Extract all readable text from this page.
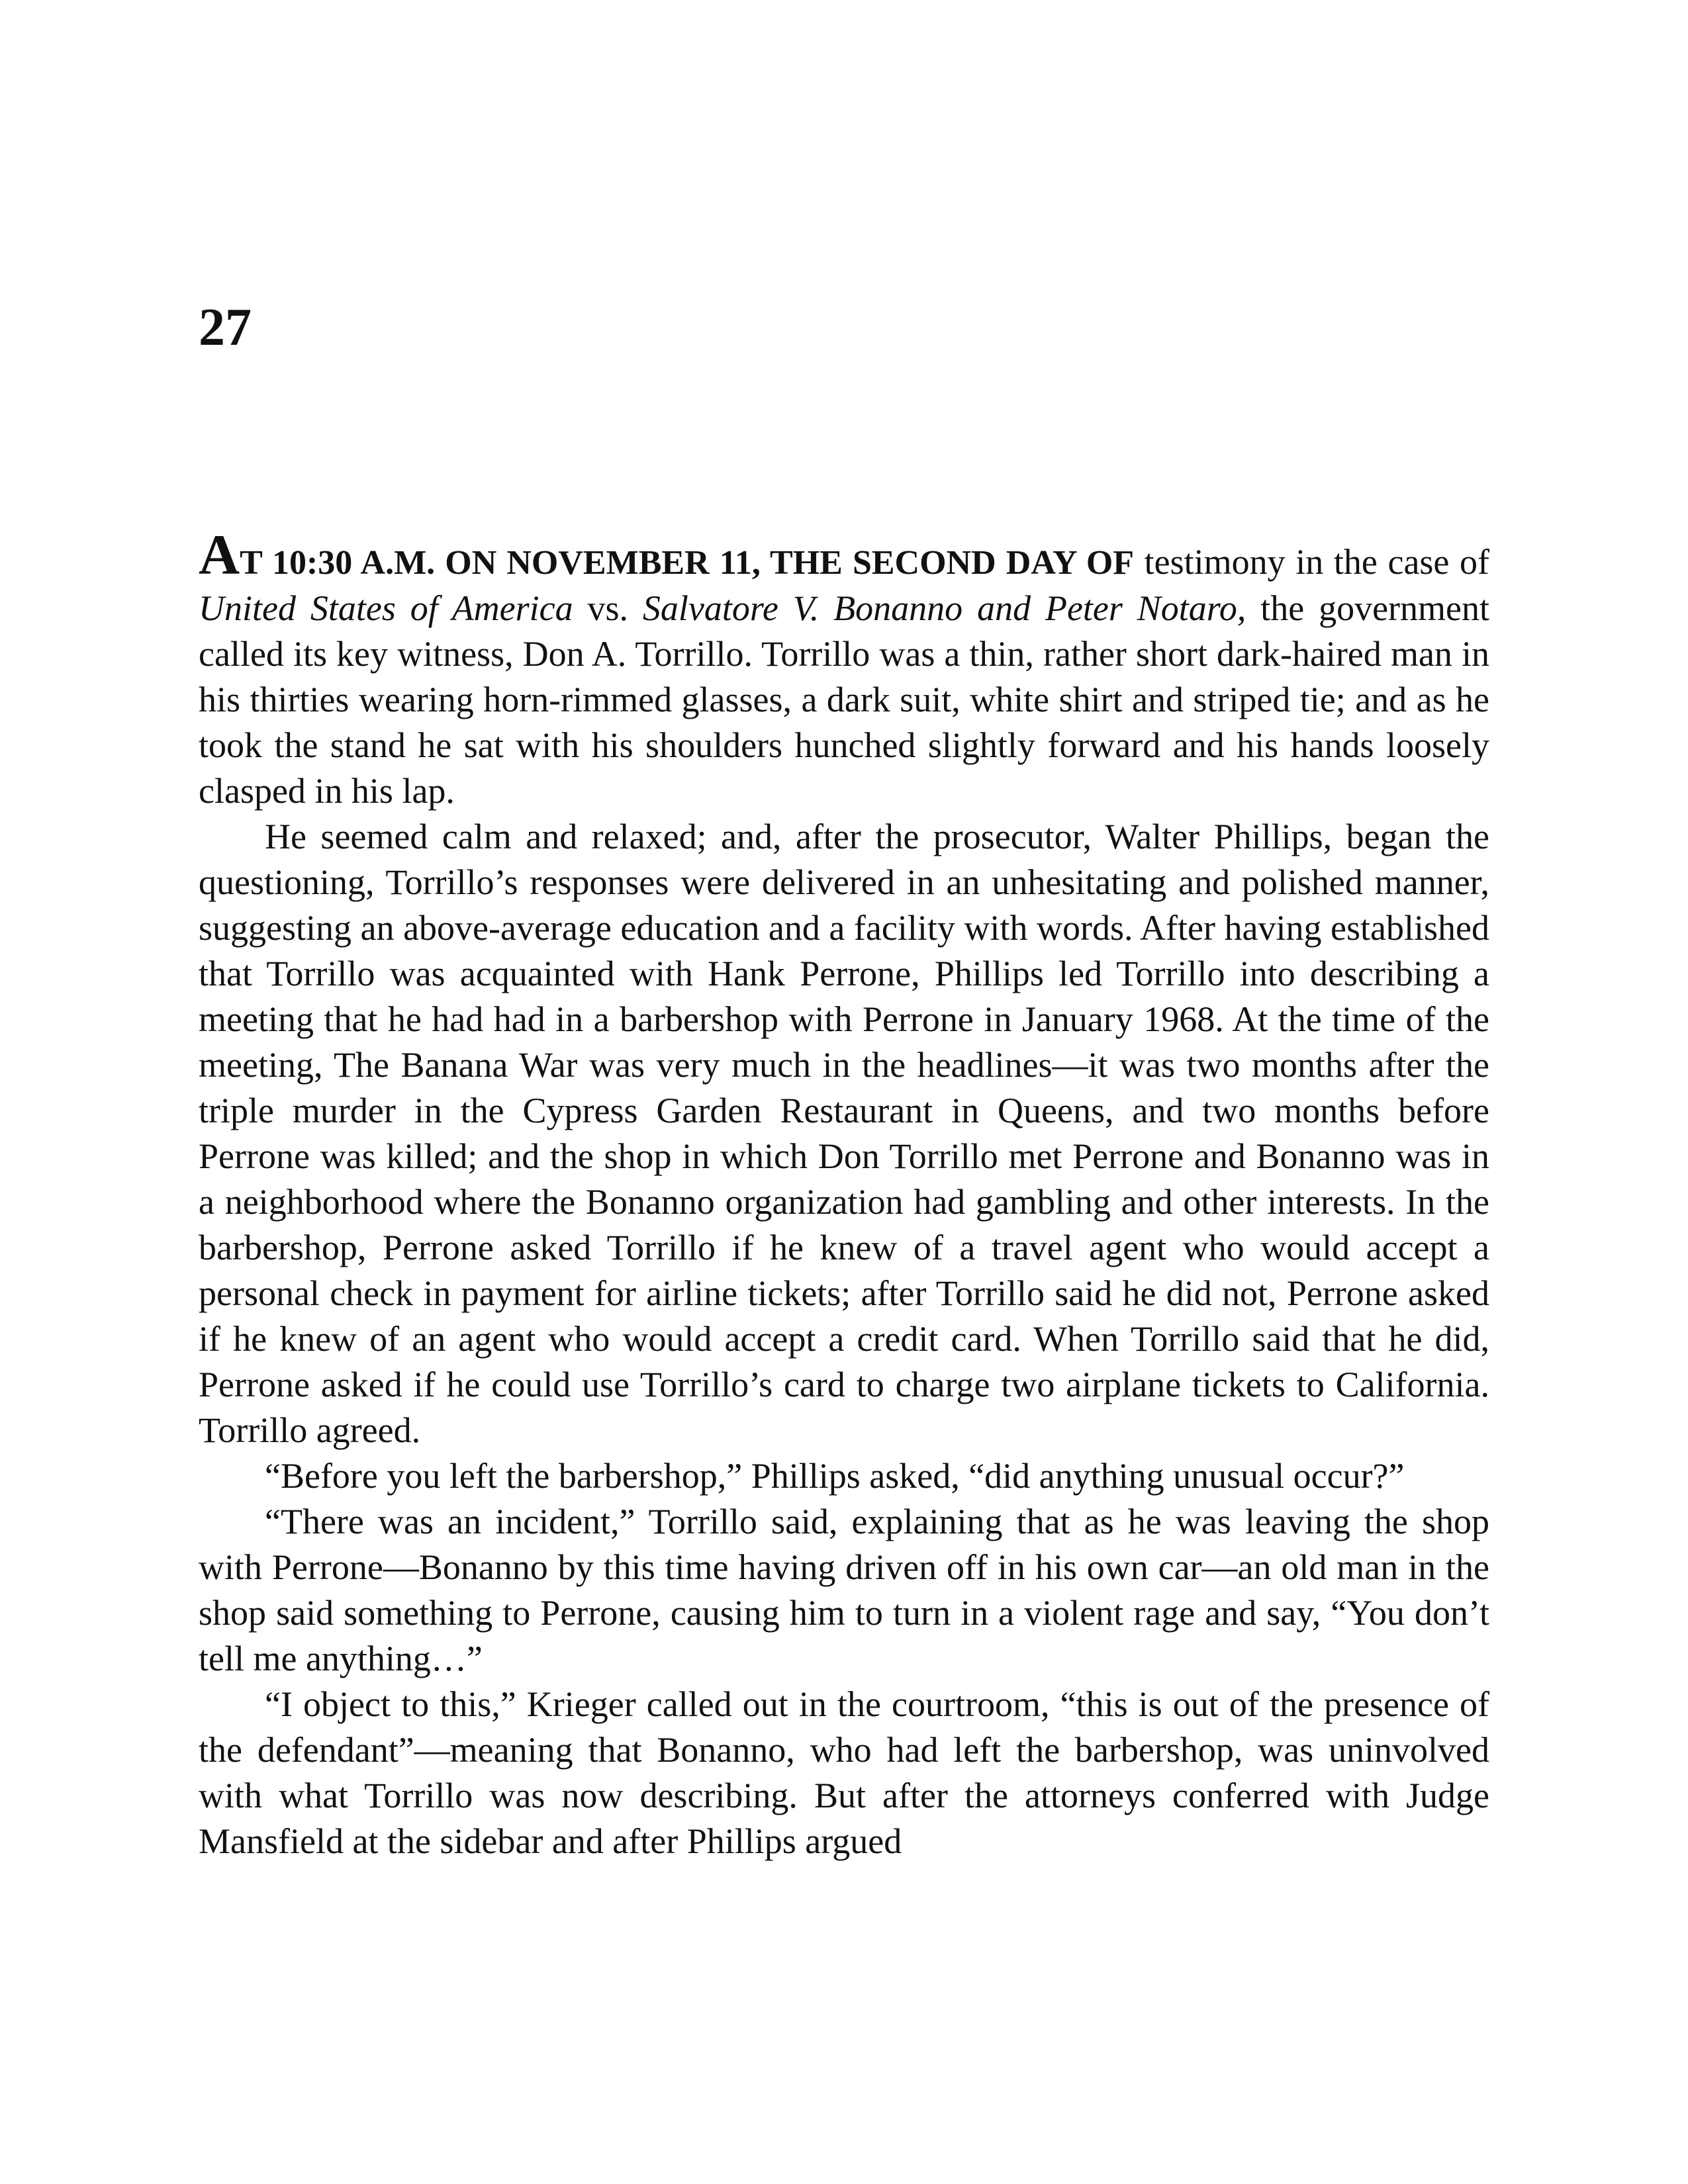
27

AT 10:30 A.M. ON NOVEMBER 11, THE SECOND DAY OF testimony in the case of United States of America vs. Salvatore V. Bonanno and Peter Notaro, the government called its key witness, Don A. Torrillo. Torrillo was a thin, rather short dark-haired man in his thirties wearing horn-rimmed glasses, a dark suit, white shirt and striped tie; and as he took the stand he sat with his shoulders hunched slightly forward and his hands loosely clasped in his lap.

He seemed calm and relaxed; and, after the prosecutor, Walter Phillips, began the questioning, Torrillo’s responses were delivered in an unhesitating and polished manner, suggesting an above-average education and a facility with words. After having established that Torrillo was acquainted with Hank Perrone, Phillips led Torrillo into describing a meeting that he had had in a barbershop with Perrone in January 1968. At the time of the meeting, The Banana War was very much in the headlines—it was two months after the triple murder in the Cypress Garden Restaurant in Queens, and two months before Perrone was killed; and the shop in which Don Torrillo met Perrone and Bonanno was in a neighborhood where the Bonanno organization had gambling and other interests. In the barbershop, Perrone asked Torrillo if he knew of a travel agent who would accept a personal check in payment for airline tickets; after Torrillo said he did not, Perrone asked if he knew of an agent who would accept a credit card. When Torrillo said that he did, Perrone asked if he could use Torrillo’s card to charge two airplane tickets to California. Torrillo agreed.

“Before you left the barbershop,” Phillips asked, “did anything unusual occur?”

“There was an incident,” Torrillo said, explaining that as he was leaving the shop with Perrone—Bonanno by this time having driven off in his own car—an old man in the shop said something to Perrone, causing him to turn in a violent rage and say, “You don’t tell me anything…”

“I object to this,” Krieger called out in the courtroom, “this is out of the presence of the defendant”—meaning that Bonanno, who had left the barbershop, was uninvolved with what Torrillo was now describing. But after the attorneys conferred with Judge Mansfield at the sidebar and after Phillips argued
